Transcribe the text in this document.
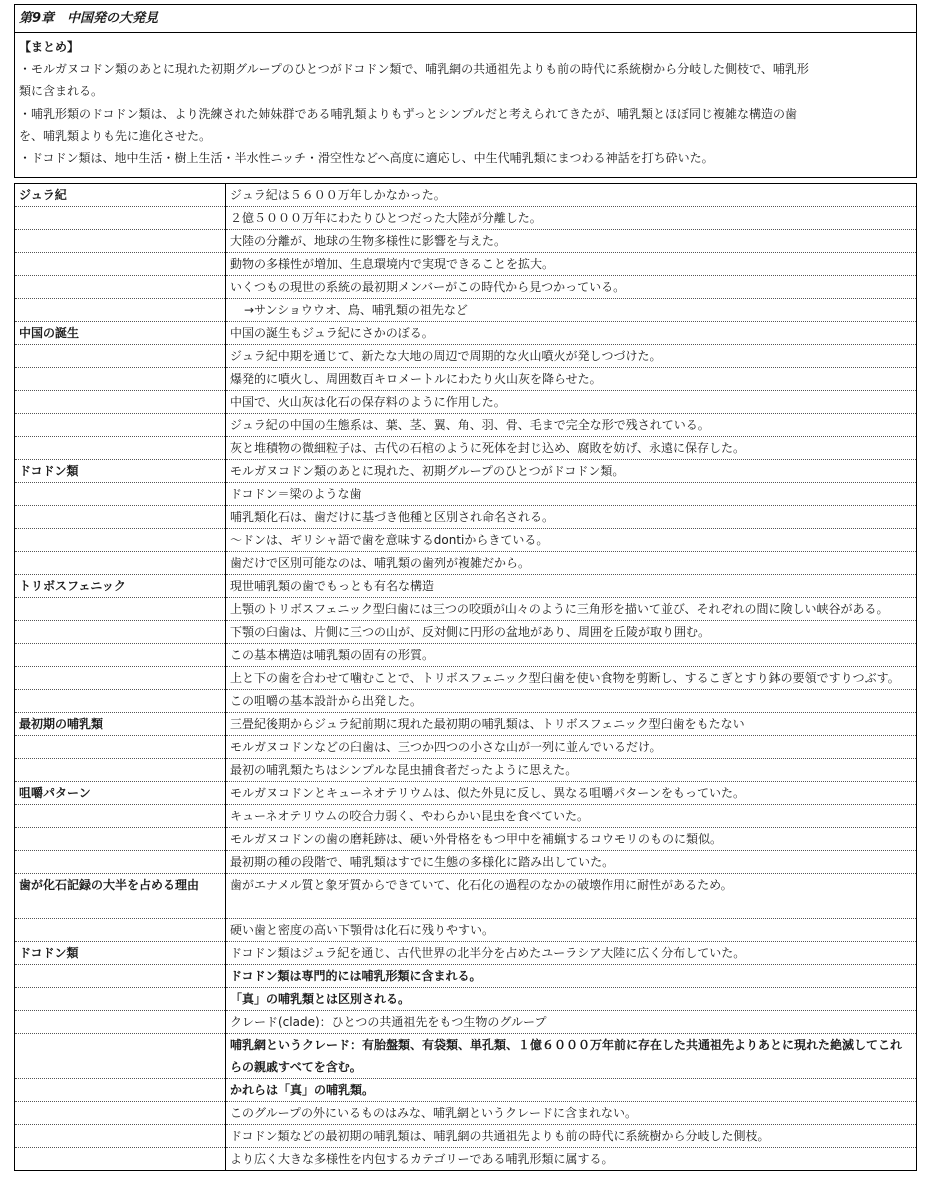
第9章　中国発の大発見
【まとめ】
・モルガヌコドン類のあとに現れた初期グループのひとつがドコドン類で、哺乳網の共通祖先よりも前の時代に系統樹から分岐した側枝で、哺乳形
類に含まれる。
・哺乳形類のドコドン類は、より洗練された姉妹群である哺乳類よりもずっとシンプルだと考えられてきたが、哺乳類とほぼ同じ複雑な構造の歯
を、哺乳類よりも先に進化させた。
・ドコドン類は、地中生活・樹上生活・半水性ニッチ・滑空性などへ高度に適応し、中生代哺乳類にまつわる神話を打ち砕いた。
ジュラ紀	ジュラ紀は５６００万年しかなかった。
	２億５０００万年にわたりひとつだった大陸が分離した。
	大陸の分離が、地球の生物多様性に影響を与えた。
	動物の多様性が増加、生息環境内で実現できることを拡大。
	いくつもの現世の系統の最初期メンバーがこの時代から見つかっている。
	→サンショウウオ、鳥、哺乳類の祖先など
中国の誕生	中国の誕生もジュラ紀にさかのぼる。
	ジュラ紀中期を通じて、新たな大地の周辺で周期的な火山噴火が発しつづけた。
	爆発的に噴火し、周囲数百キロメートルにわたり火山灰を降らせた。
	中国で、火山灰は化石の保存料のように作用した。
	ジュラ紀の中国の生態系は、葉、茎、翼、角、羽、骨、毛まで完全な形で残されている。
	灰と堆積物の微細粒子は、古代の石棺のように死体を封じ込め、腐敗を妨げ、永遠に保存した。
ドコドン類	モルガヌコドン類のあとに現れた、初期グループのひとつがドコドン類。
	ドコドン＝梁のような歯
	哺乳類化石は、歯だけに基づき他種と区別され命名される。
	～ドンは、ギリシャ語で歯を意味するdontiからきている。
	歯だけで区別可能なのは、哺乳類の歯列が複雑だから。
トリボスフェニック	現世哺乳類の歯でもっとも有名な構造
	上顎のトリボスフェニック型臼歯には三つの咬頭が山々のように三角形を描いて並び、それぞれの間に険しい峡谷がある。
	下顎の臼歯は、片側に三つの山が、反対側に円形の盆地があり、周囲を丘陵が取り囲む。
	この基本構造は哺乳類の固有の形質。
	上と下の歯を合わせて噛むことで、トリボスフェニック型臼歯を使い食物を剪断し、するこぎとすり鉢の要領ですりつぶす。
	この咀嚼の基本設計から出発した。
最初期の哺乳類	三畳紀後期からジュラ紀前期に現れた最初期の哺乳類は、トリボスフェニック型臼歯をもたない
	モルガヌコドンなどの臼歯は、三つか四つの小さな山が一列に並んでいるだけ。
	最初の哺乳類たちはシンプルな昆虫捕食者だったように思えた。
咀嚼パターン	モルガヌコドンとキューネオテリウムは、似た外見に反し、異なる咀嚼パターンをもっていた。
	キューネオテリウムの咬合力弱く、やわらかい昆虫を食べていた。
	モルガヌコドンの歯の磨耗跡は、硬い外骨格をもつ甲中を補蝋するコウモリのものに類似。
	最初期の種の段階で、哺乳類はすでに生態の多様化に踏み出していた。
歯が化石記録の大半を占める理由	歯がエナメル質と象牙質からできていて、化石化の過程のなかの破壊作用に耐性があるため。
	硬い歯と密度の高い下顎骨は化石に残りやすい。
ドコドン類	ドコドン類はジュラ紀を通じ、古代世界の北半分を占めたユーラシア大陸に広く分布していた。
	ドコドン類は専門的には哺乳形類に含まれる。
	「真」の哺乳類とは区別される。
	クレード(clade)：ひとつの共通祖先をもつ生物のグループ
	哺乳網というクレード：有胎盤類、有袋類、単孔類、１億６０００万年前に存在した共通祖先よりあとに現れた絶滅してこれらの親戚すべてを含む。
	かれらは「真」の哺乳類。
	このグループの外にいるものはみな、哺乳網というクレードに含まれない。
	ドコドン類などの最初期の哺乳類は、哺乳網の共通祖先よりも前の時代に系統樹から分岐した側枝。
	より広く大きな多様性を内包するカテゴリーである哺乳形類に属する。
